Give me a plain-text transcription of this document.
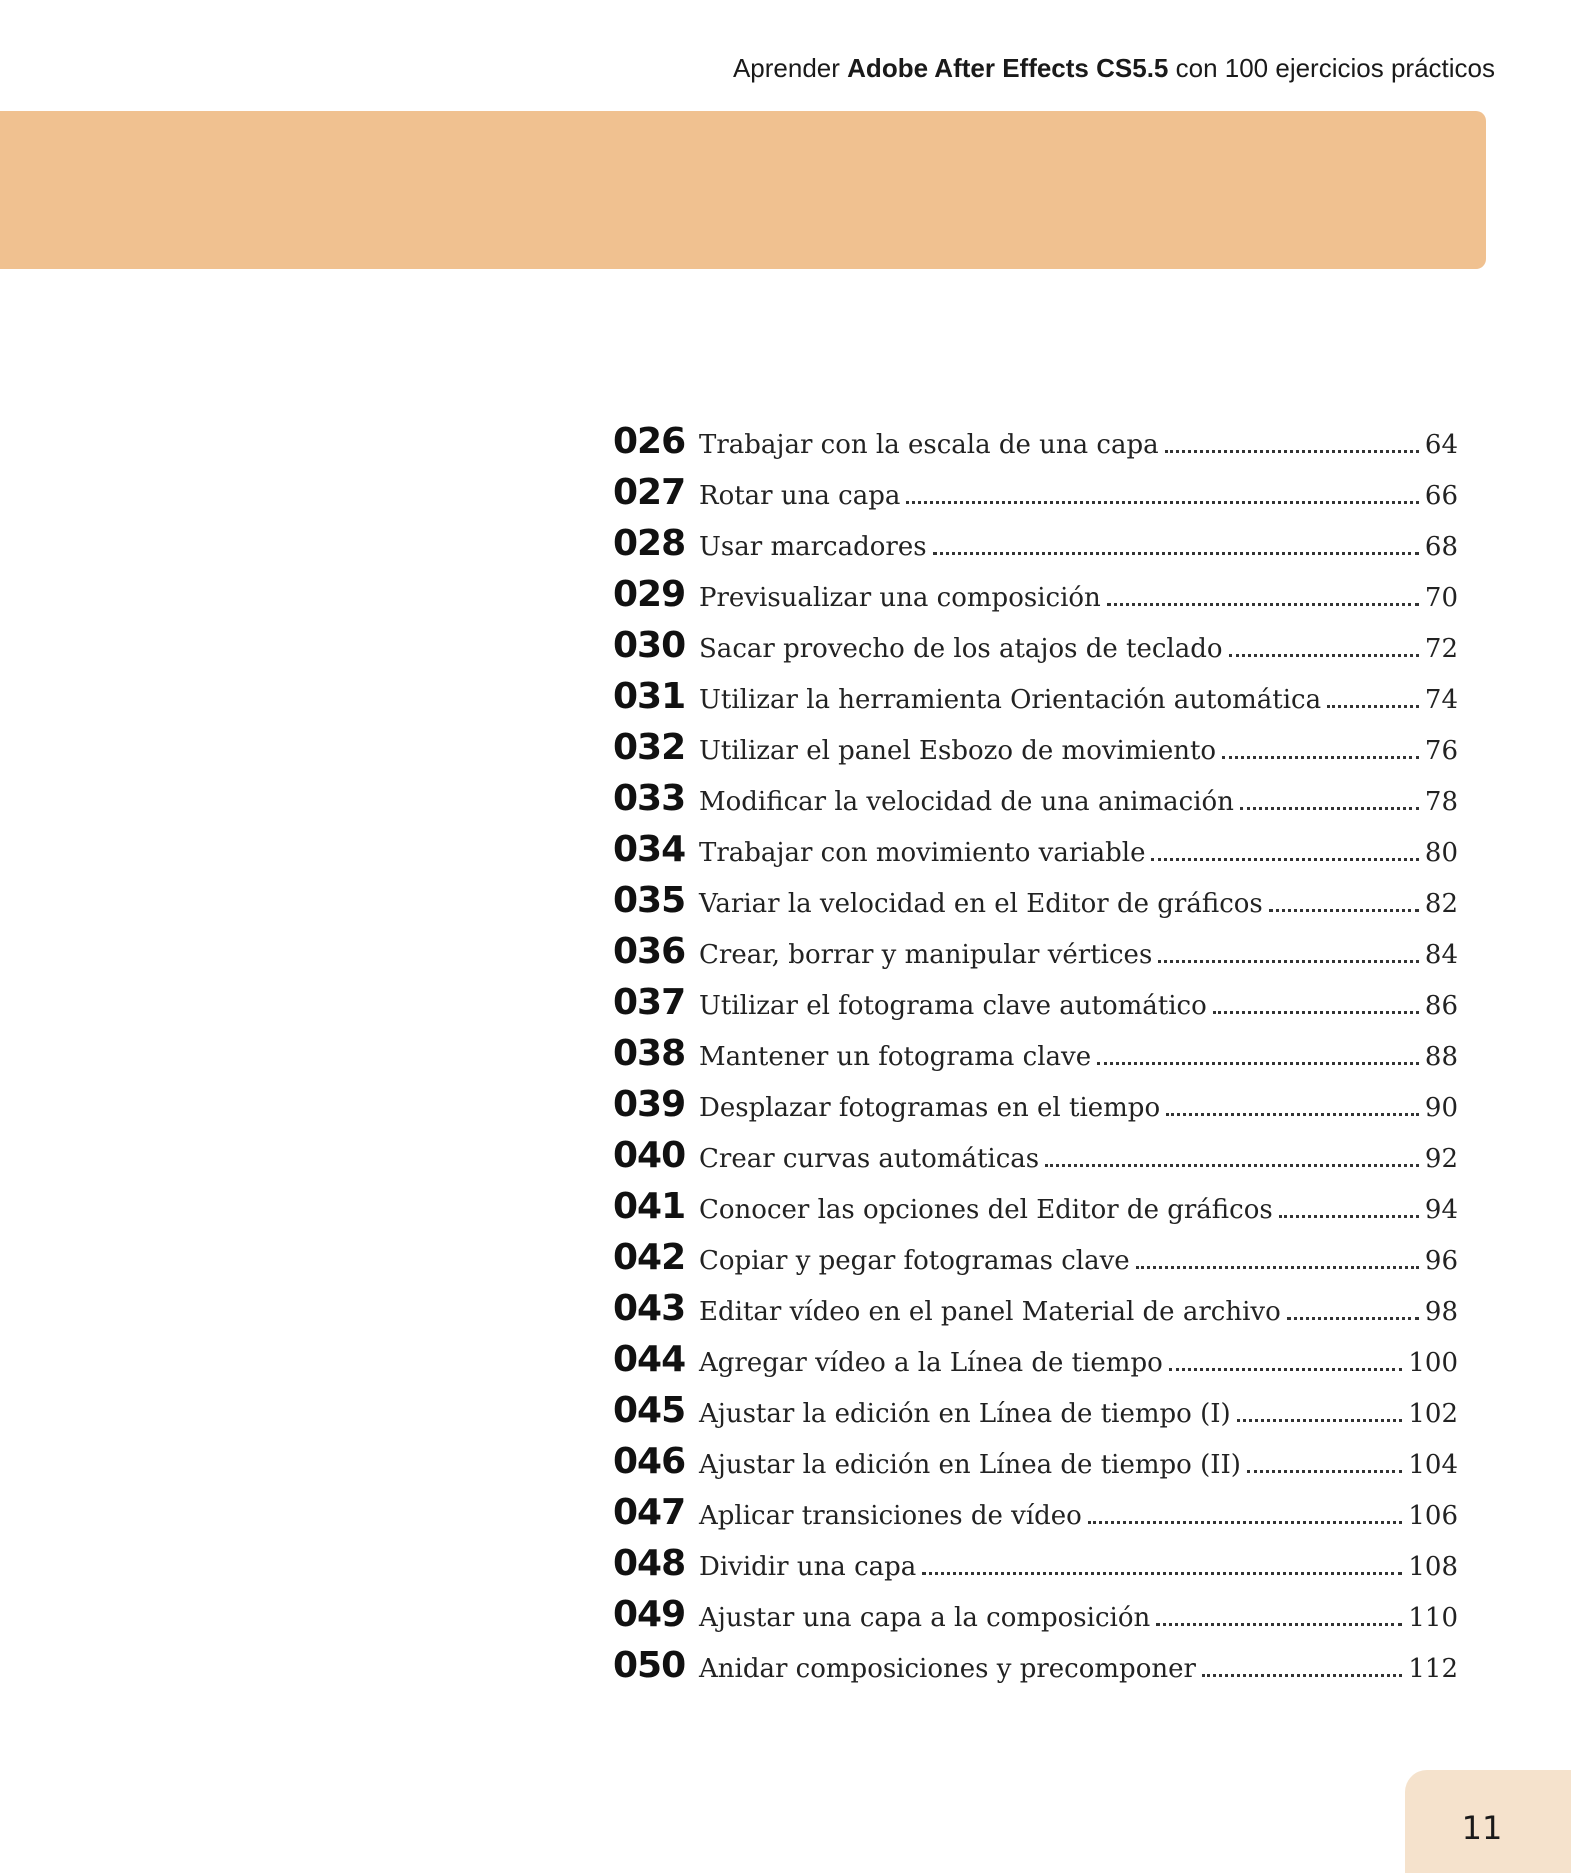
Aprender Adobe After Effects CS5.5 con 100 ejercicios prácticos
026 Trabajar con la escala de una capa	64
027 Rotar una capa	66
028 Usar marcadores	68
029 Previsualizar una composición	70
030 Sacar provecho de los atajos de teclado	72
031 Utilizar la herramienta Orientación automática	74
032 Utilizar el panel Esbozo de movimiento	76
033 Modificar la velocidad de una animación	78
034 Trabajar con movimiento variable	80
035 Variar la velocidad en el Editor de gráficos	82
036 Crear, borrar y manipular vértices	84
037 Utilizar el fotograma clave automático	86
038 Mantener un fotograma clave	88
039 Desplazar fotogramas en el tiempo	90
040 Crear curvas automáticas	92
041 Conocer las opciones del Editor de gráficos	94
042 Copiar y pegar fotogramas clave	96
043 Editar vídeo en el panel Material de archivo	98
044 Agregar vídeo a la Línea de tiempo	100
045 Ajustar la edición en Línea de tiempo (I)	102
046 Ajustar la edición en Línea de tiempo (II)	104
047 Aplicar transiciones de vídeo	106
048 Dividir una capa	108
049 Ajustar una capa a la composición	110
050 Anidar composiciones y precomponer	112
11
